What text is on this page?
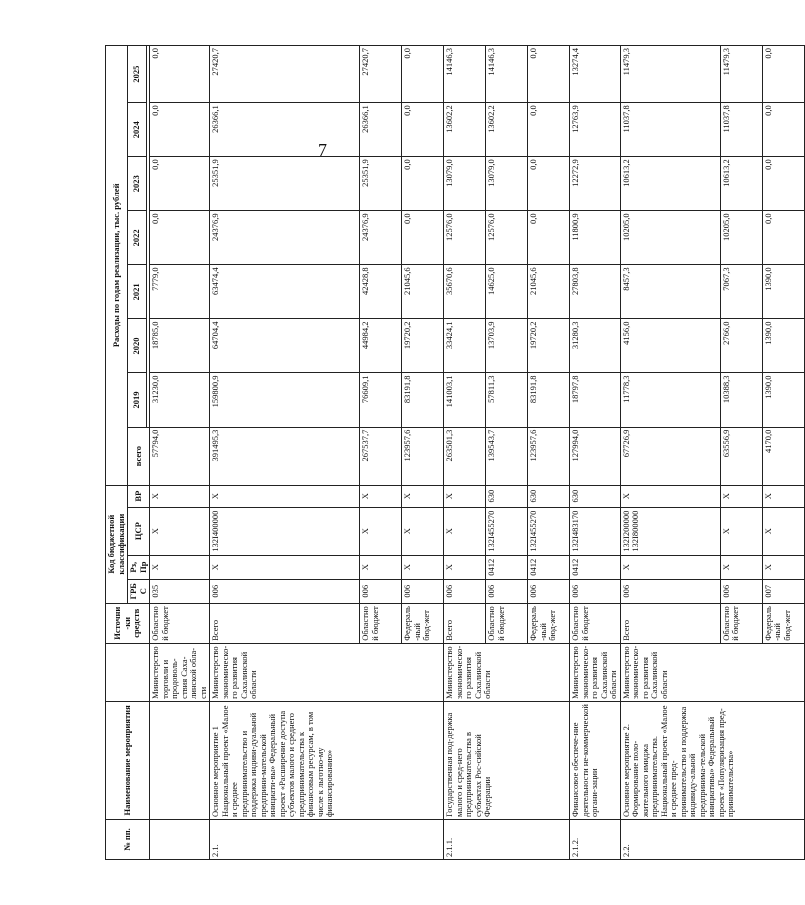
7
№ пп.	Наименование мероприятия		Источни-ки средств	Код бюджетной классификации				Расходы по годам реализации, тыс. рублей							
				ГРБС	Рз, Пр	ЦСР	ВР	всего	2019	2020	2021	2022	2023	2024	2025

		Министерство торговли и продоволь-ствия Саха-линской обла-сти	Областной бюджет	035	Х	Х	Х	57794,0	31230,0	18785,0	7779,0	0,0	0,0	0,0	0,0
2.1.	Основное мероприятие 1 Национальный проект «Малое и среднее предпринимательство и поддержка индиви-дуальной предприни-мательской инициати-вы» Федеральный проект «Расширение доступа субъектов малого и среднего предпринимательства к финансовым ресурсам, в том числе к льготно-му финансированию»	Министерство экономическо-го развития Сахалинской области	Всего	006	Х	132I400000	Х	391495,3	159800,9	64704,4	63474,4	24376,9	25351,9	26366,1	27420,7
			Областной бюджет	006	Х	Х	Х	267537,7	76609,1	44984,2	42428,8	24376,9	25351,9	26366,1	27420,7
			Федераль-ный бюд-жет	006	Х	Х	Х	123957,6	83191,8	19720,2	21045,6	0,0	0,0	0,0	0,0
2.1.1.	Государственная под-держка малого и сред-него предпринимательства в субъектах Рос-сийской Федерации	Министерство экономическо-го развития Сахалинской области	Всего	006	Х	Х	Х	263501,3	141003,1	33424,1	35670,6	12576,0	13079,0	13602,2	14146,3
			Областной бюджет	006	0412	132I455270	630	139543,7	57811,3	13703,9	14625,0	12576,0	13079,0	13602,2	14146,3
			Федераль-ный бюд-жет	006	0412	132I455270	630	123957,6	83191,8	19720,2	21045,6	0,0	0,0	0,0	0,0
2.1.2.	Финансовое обеспече-ние деятельности не-коммерческой органи-зации	Министерство экономическо-го развития Сахалинской области	Областной бюджет	006	0412	132I483170	630	127994,0	18797,8	31280,3	27803,8	11800,9	12272,9	12763,9	13274,4
2.2.	Основное мероприятие 2. Формирование поло-жительного имиджа предпринимательства. Национальный проект «Малое и среднее пред-принимательство и поддержка индивиду-альной предпринима-тельской инициативы» Федеральный проект «Популяризация пред-принимательства»	Министерство экономическо-го развития Сахалинской области	Всего	006	Х	132I200000 132I800000	Х	67726,9	11778,3	4156,0	8457,3	10205,0	10613,2	11037,8	11479,3
			Областной бюджет	006	Х	Х	Х	63556,9	10388,3	2766,0	7067,3	10205,0	10613,2	11037,8	11479,3
			Федераль-ный бюд-жет	007	Х	Х	Х	4170,0	1390,0	1390,0	1390,0	0,0	0,0	0,0	0,0
